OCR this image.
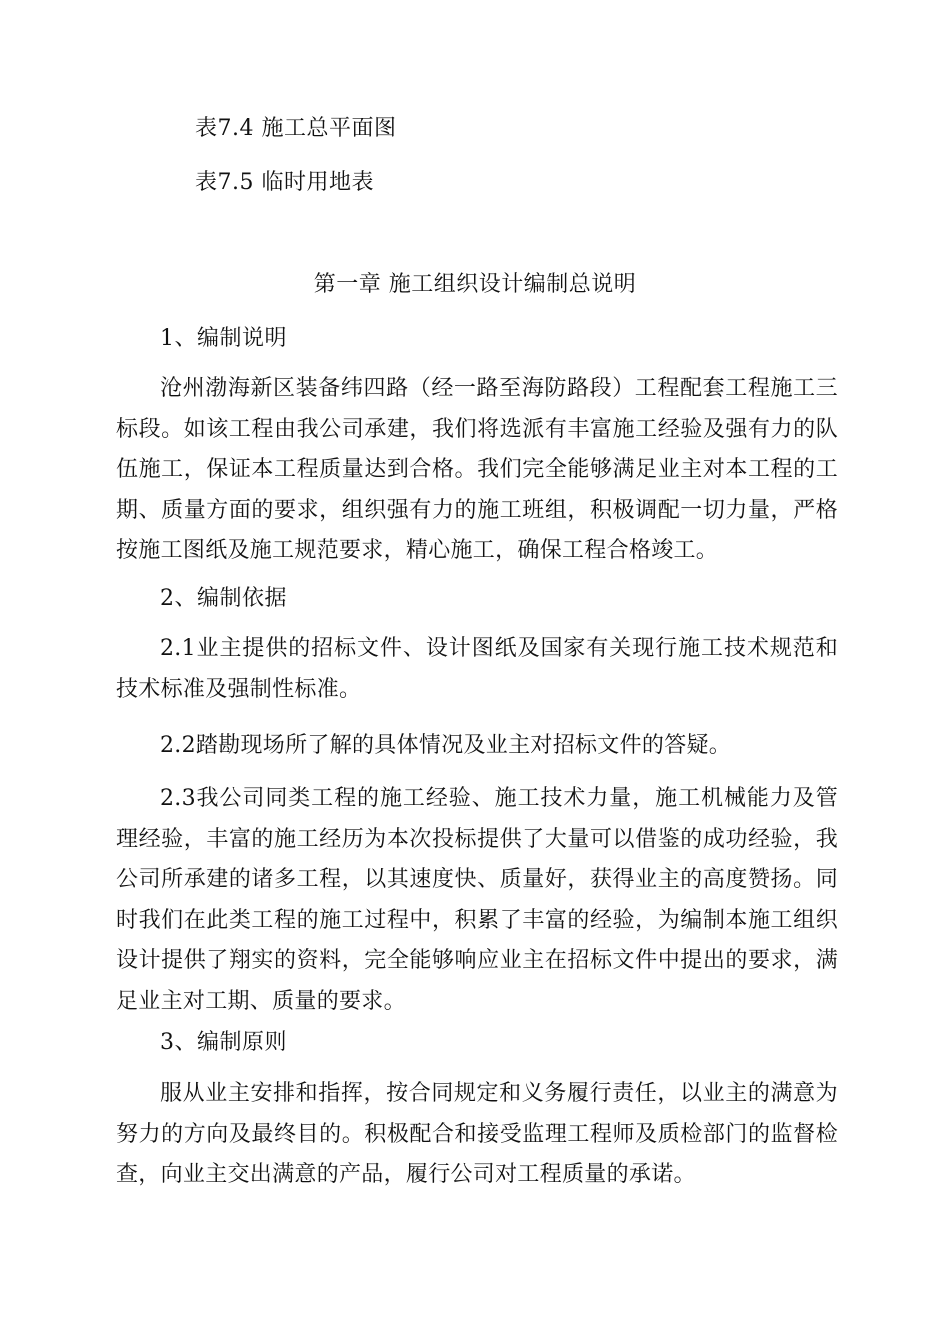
表7.4 施工总平面图
表7.5 临时用地表
第一章 施工组织设计编制总说明
1、编制说明
沧州渤海新区装备纬四路（经一路至海防路段）工程配套工程施工三标段。如该工程由我公司承建，我们将选派有丰富施工经验及强有力的队伍施工，保证本工程质量达到合格。我们完全能够满足业主对本工程的工期、质量方面的要求，组织强有力的施工班组，积极调配一切力量，严格按施工图纸及施工规范要求，精心施工，确保工程合格竣工。
2、编制依据
2.1业主提供的招标文件、设计图纸及国家有关现行施工技术规范和技术标准及强制性标准。
2.2踏勘现场所了解的具体情况及业主对招标文件的答疑。
2.3我公司同类工程的施工经验、施工技术力量，施工机械能力及管理经验，丰富的施工经历为本次投标提供了大量可以借鉴的成功经验，我公司所承建的诸多工程，以其速度快、质量好，获得业主的高度赞扬。同时我们在此类工程的施工过程中，积累了丰富的经验，为编制本施工组织设计提供了翔实的资料，完全能够响应业主在招标文件中提出的要求，满足业主对工期、质量的要求。
3、编制原则
服从业主安排和指挥，按合同规定和义务履行责任，以业主的满意为努力的方向及最终目的。积极配合和接受监理工程师及质检部门的监督检查，向业主交出满意的产品，履行公司对工程质量的承诺。
